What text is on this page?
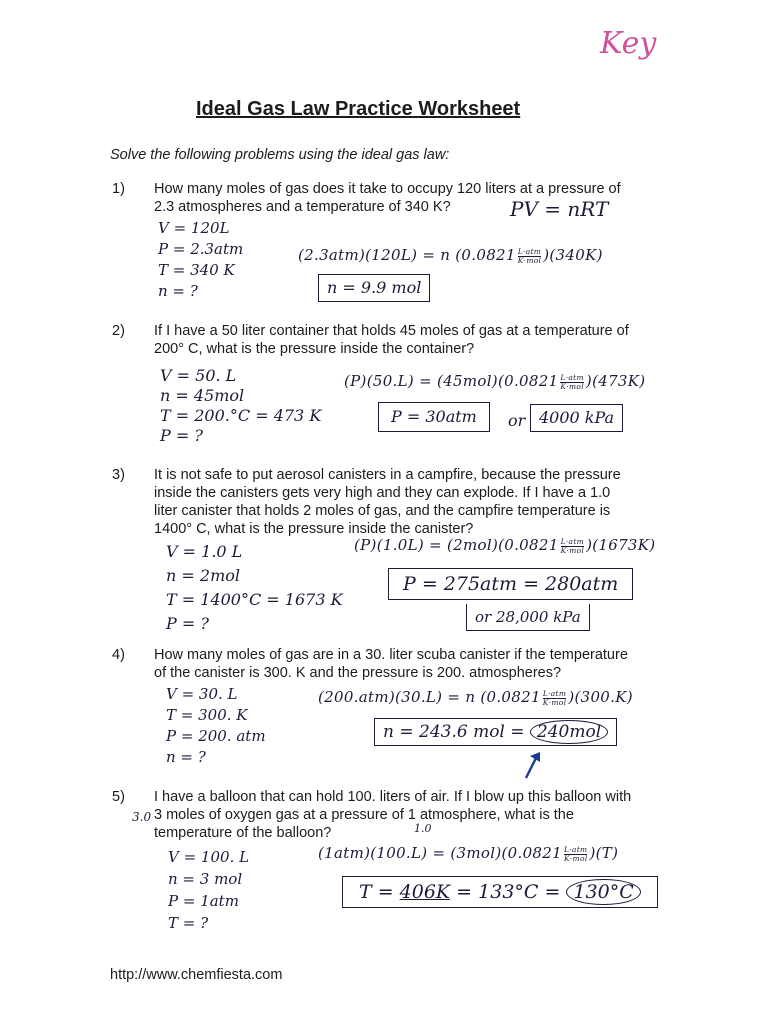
Key
Ideal Gas Law Practice Worksheet
Solve the following problems using the ideal gas law:
1)	How many moles of gas does it take to occupy 120 liters at a pressure of
2.3 atmospheres and a temperature of 340 K?	PV = nRT
V = 120L
P = 2.3atm
T = 340 K
n = ?
(2.3atm)(120L) = n $(0.0821 \frac{\text{L·atm}}{\text{K·mol}} )(340K)$
n = 9.9 mol
2)	If I have a 50 liter container that holds 45 moles of gas at a temperature of
200° C, what is the pressure inside the container?
V = 50. L
n = 45mol
T = 200.°C = 473 K
P = ?
$(P)(50.L) = (45mol)(0.0821 \frac{\text{L·atm}}{\text{K·mol}} )(473K)$
P = 30atm	or 4000 kPa
3)	It is not safe to put aerosol canisters in a campfire, because the pressure
inside the canisters gets very high and they can explode. If I have a 1.0
liter canister that holds 2 moles of gas, and the campfire temperature is
1400° C, what is the pressure inside the canister?
V = 1.0 L
n = 2mol
T = 1400°C = 1673 K
P = ?
$(P)(1.0L) = (2mol)(0.0821 \frac{\text{L·atm}}{\text{K·mol}} )(1673K)$
P = 275atm = 280atm
or 28,000 kPa
4)	How many moles of gas are in a 30. liter scuba canister if the temperature
of the canister is 300. K and the pressure is 200. atmospheres?
V = 30. L
T = 300. K
P = 200. atm
n = ?
(200.atm)(30.L) = n $(0.0821 \frac{\text{L·atm}}{\text{K·mol}} )(300.K)$
n = 243.6 mol = 240mol
3.0
1.0
5)	I have a balloon that can hold 100. liters of air. If I blow up this balloon with
3 moles of oxygen gas at a pressure of 1 atmosphere, what is the
temperature of the balloon?
V = 100. L
n = 3 mol
P = 1atm
T = ?
$(1atm)(100.L) = (3mol)(0.0821 \frac{\text{L·atm}}{\text{K·mol}} )(T)$
T = 406K = 133°C = 130°C
http://www.chemfiesta.com
